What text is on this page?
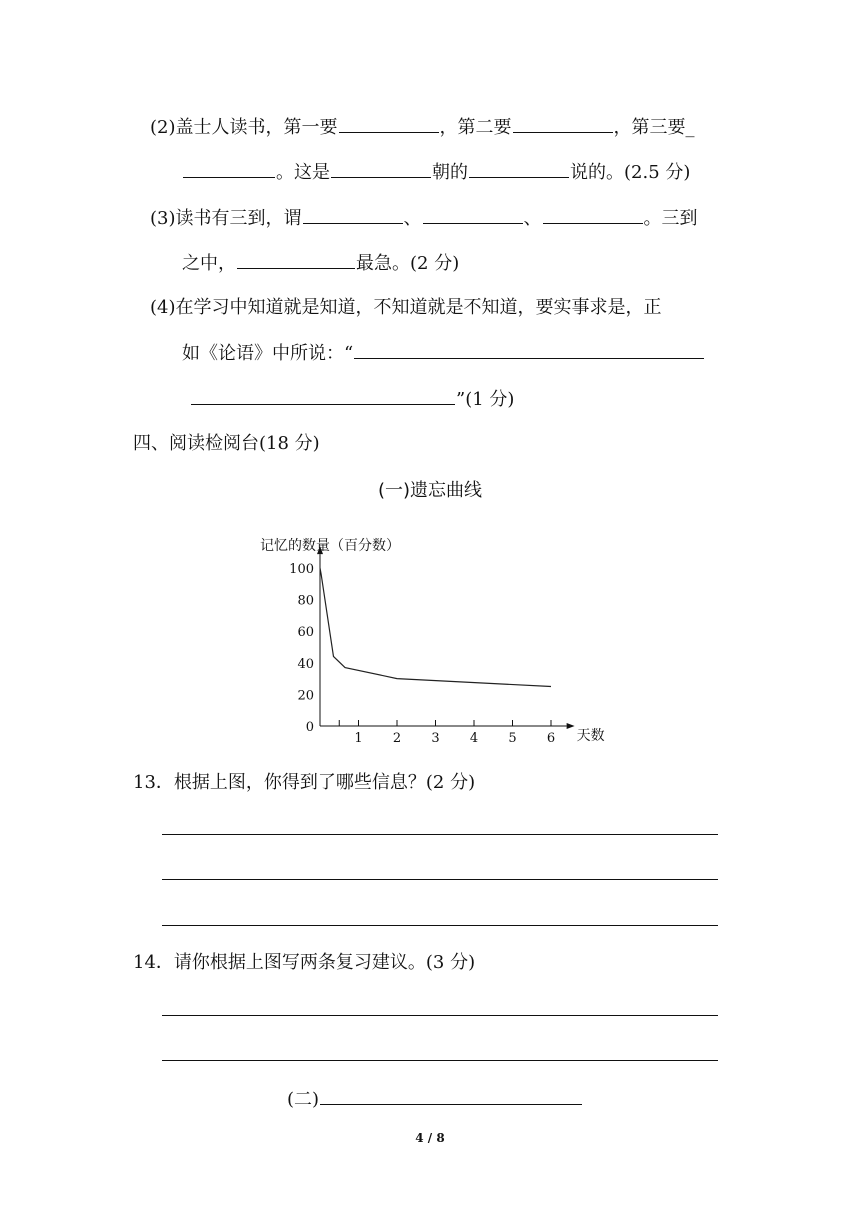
(2)盖士人读书，第一要	，第二要	，第三要_
。这是	朝的	说的。(2.5 分)
(3)读书有三到，谓	、	、	。三到
之中，	最急。(2 分)
(4)在学习中知道就是知道，不知道就是不知道，要实事求是，正
如《论语》中所说：“
”(1 分)
四、阅读检阅台(18 分)
(一)遗忘曲线
记忆的数量（百分数）
天数
0
20
40
60
80
100
1 2 3 4 5 6
13．根据上图，你得到了哪些信息？(2 分)
14．请你根据上图写两条复习建议。(3 分)
(二)
4 / 8
